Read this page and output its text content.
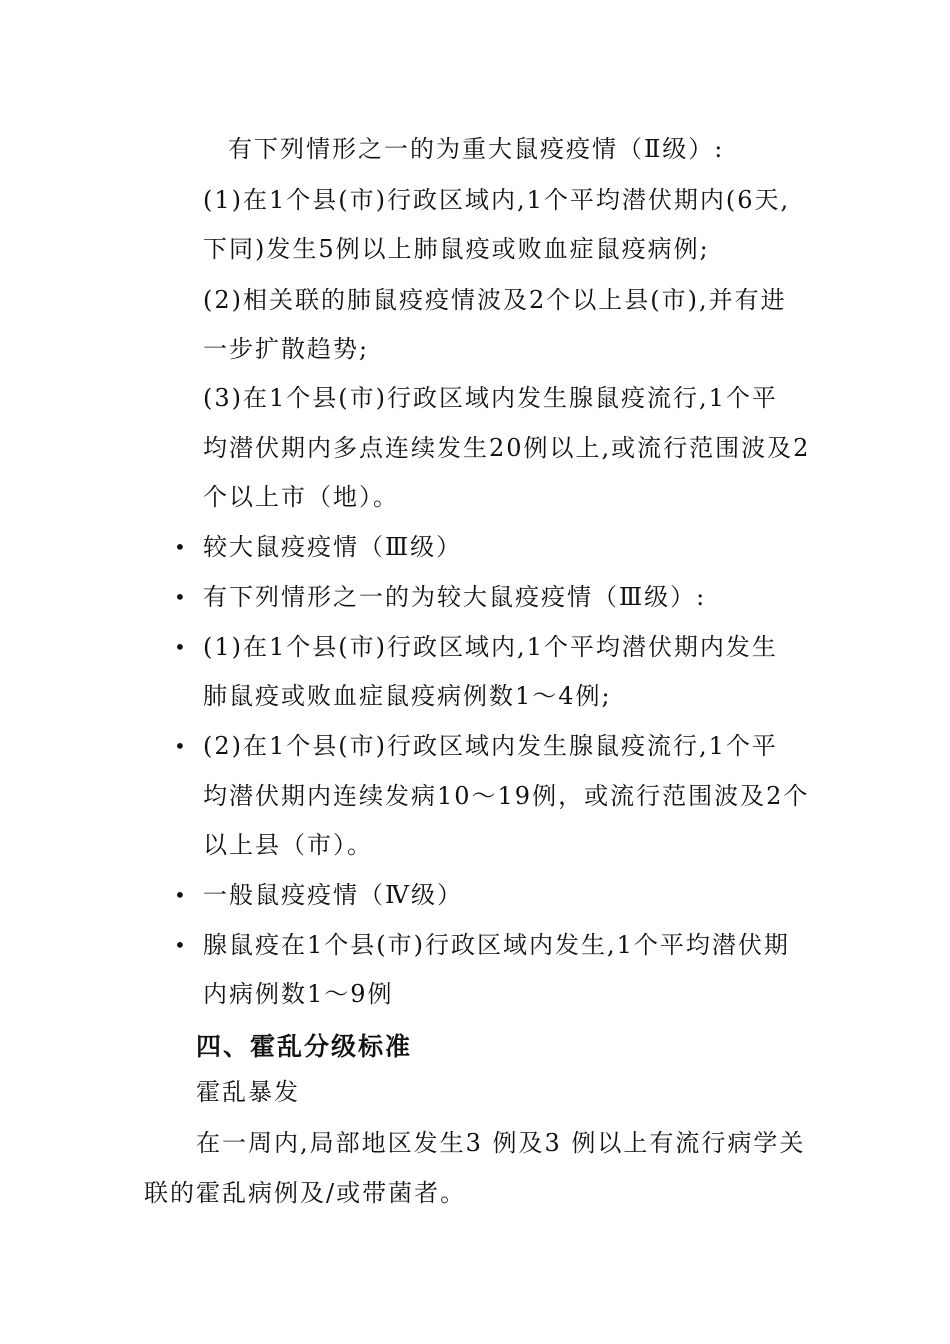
有下列情形之一的为重大鼠疫疫情（Ⅱ级）:
(1)在1个县(市)行政区域内,1个平均潜伏期内(6天,
下同)发生5例以上肺鼠疫或败血症鼠疫病例;
(2)相关联的肺鼠疫疫情波及2个以上县(市),并有进
一步扩散趋势;
(3)在1个县(市)行政区域内发生腺鼠疫流行,1个平
均潜伏期内多点连续发生20例以上,或流行范围波及2
个以上市（地）。
• 较大鼠疫疫情（Ⅲ级）
• 有下列情形之一的为较大鼠疫疫情（Ⅲ级）:
• (1)在1个县(市)行政区域内,1个平均潜伏期内发生
肺鼠疫或败血症鼠疫病例数1～4例;
• (2)在1个县(市)行政区域内发生腺鼠疫流行,1个平
均潜伏期内连续发病10～19例，或流行范围波及2个
以上县（市）。
• 一般鼠疫疫情（Ⅳ级）
• 腺鼠疫在1个县(市)行政区域内发生,1个平均潜伏期
内病例数1～9例
四、霍乱分级标准
霍乱暴发
在一周内,局部地区发生3 例及3 例以上有流行病学关
联的霍乱病例及/或带菌者。
